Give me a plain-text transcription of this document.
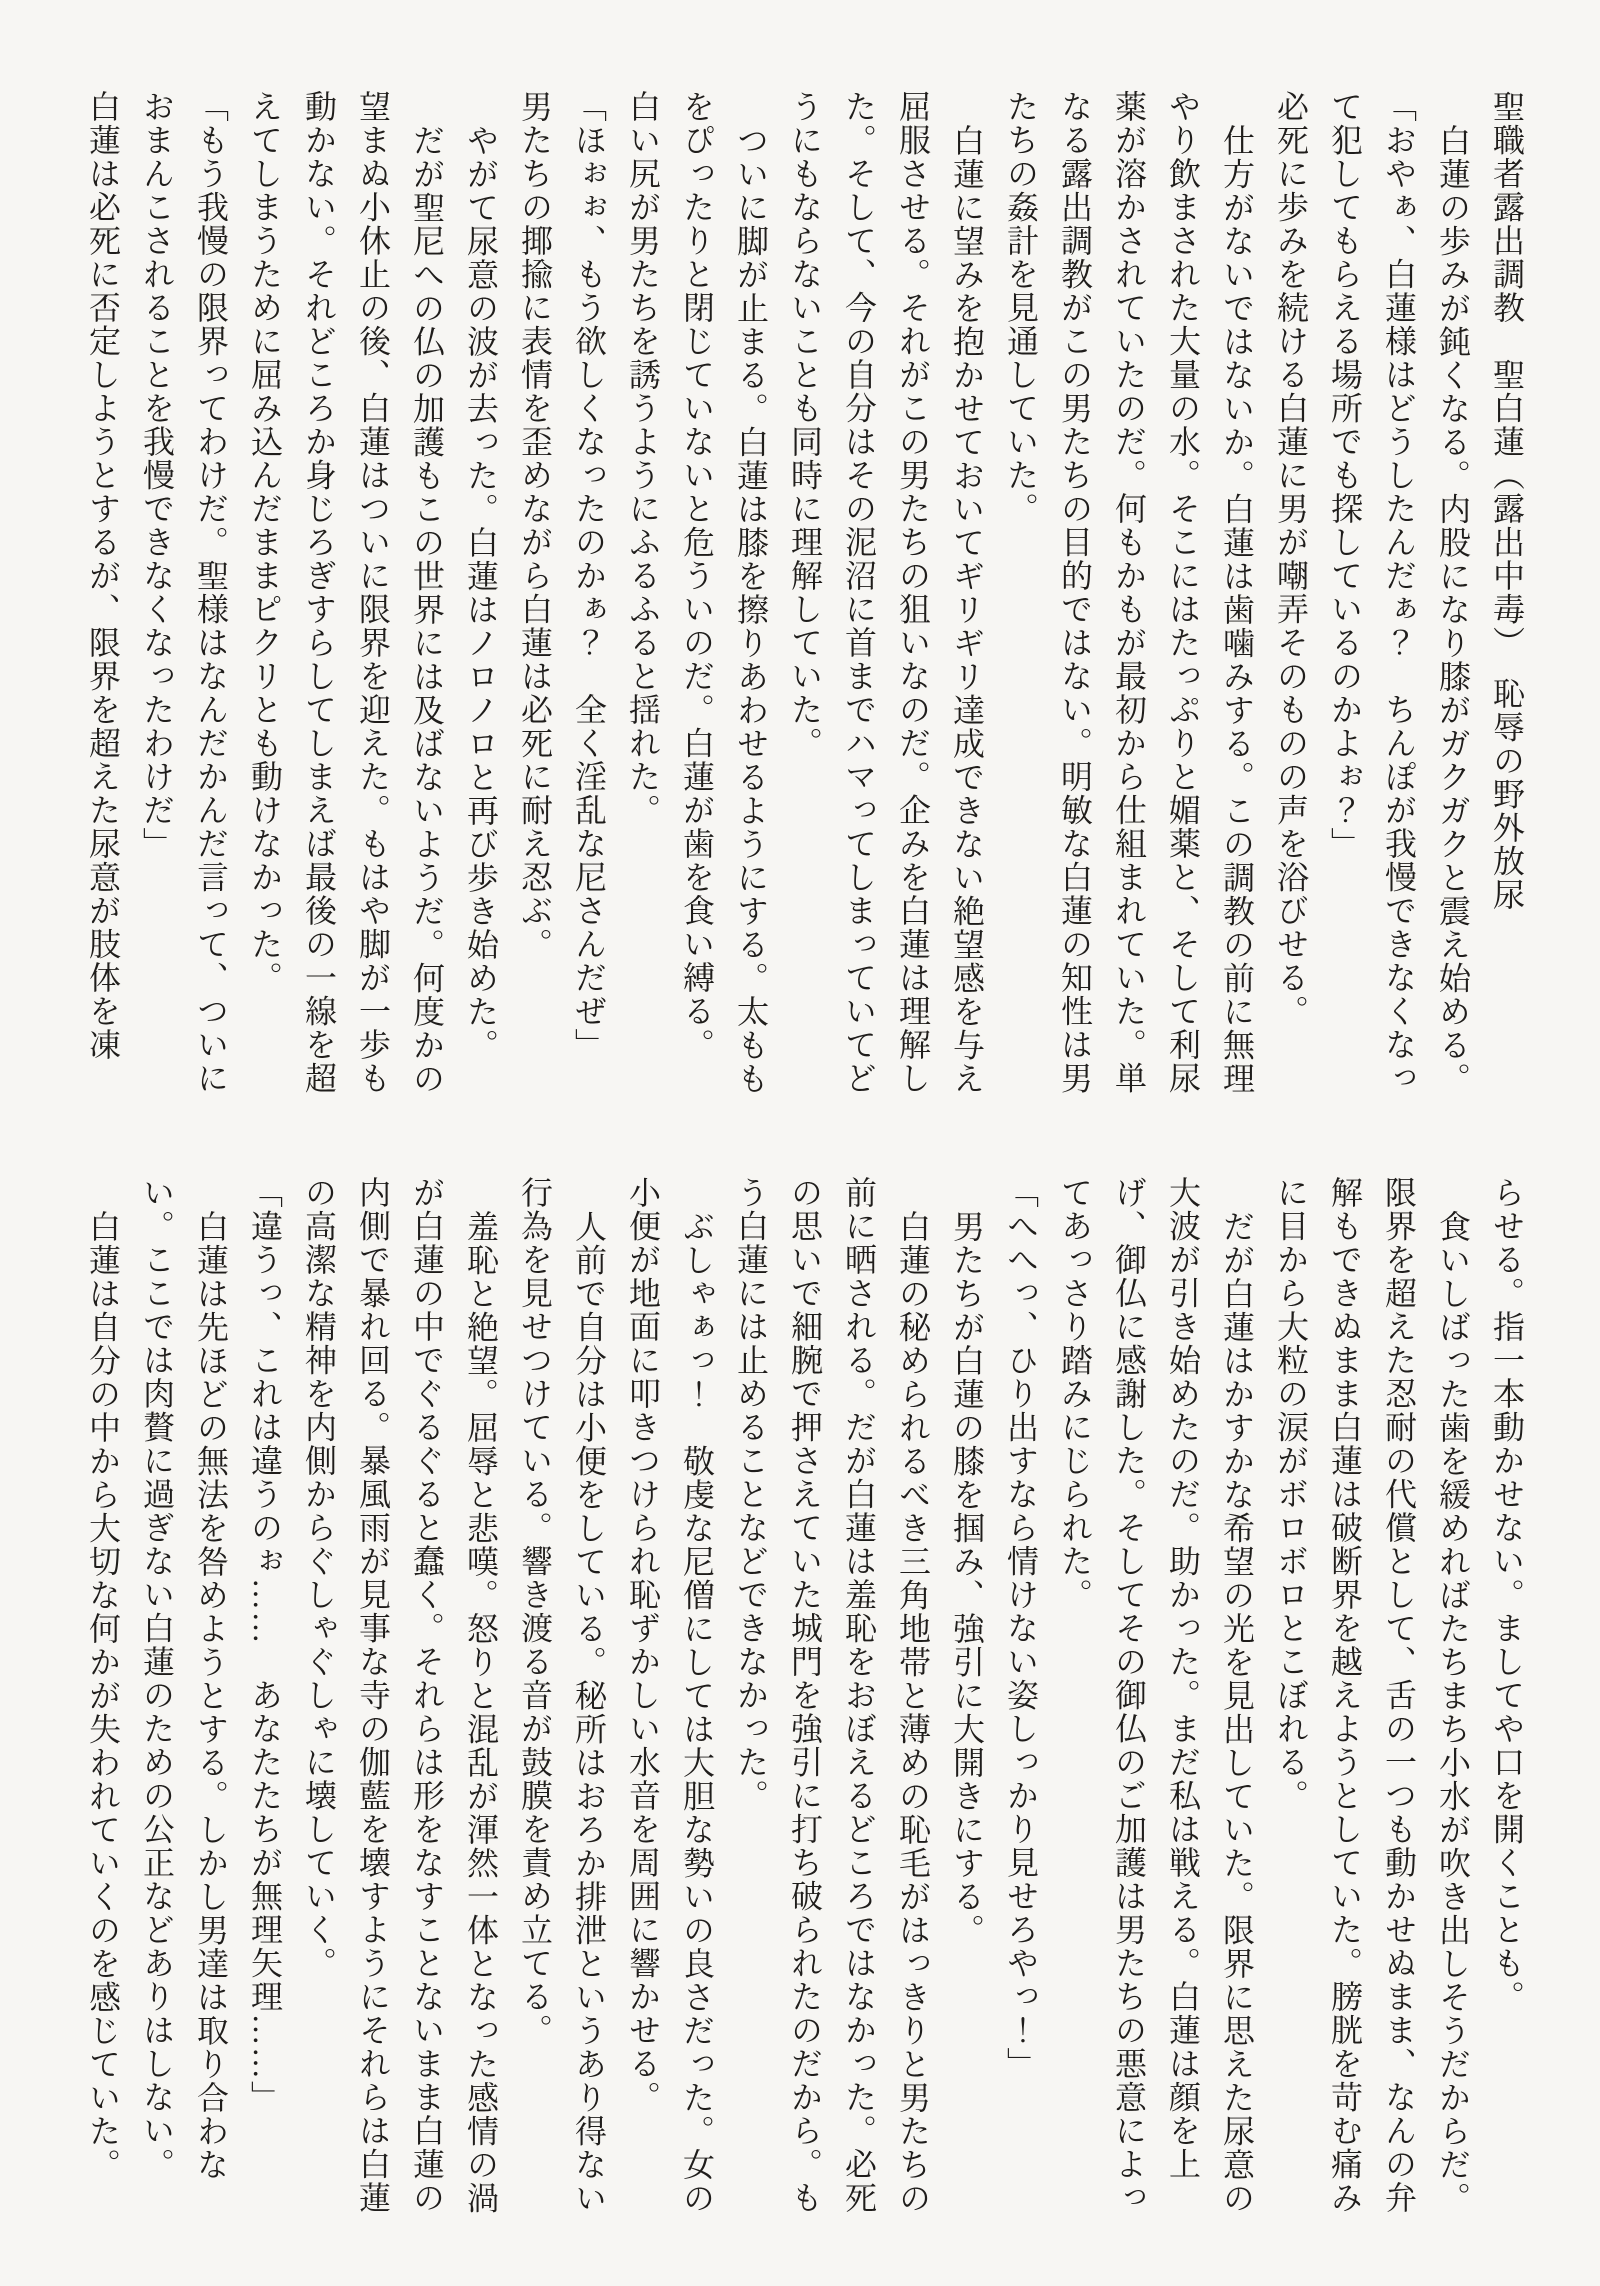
聖職者露出調教　聖白蓮（露出中毒）　恥辱の野外放尿

白蓮の歩みが鈍くなる。内股になり膝がガクガクと震え始める。

「おやぁ、白蓮様はどうしたんだぁ？　ちんぽが我慢できなくなって犯してもらえる場所でも探しているのかよぉ？」

必死に歩みを続ける白蓮に男が嘲弄そのものの声を浴びせる。

仕方がないではないか。白蓮は歯噛みする。この調教の前に無理やり飲まされた大量の水。そこにはたっぷりと媚薬と、そして利尿薬が溶かされていたのだ。何もかもが最初から仕組まれていた。単なる露出調教がこの男たちの目的ではない。明敏な白蓮の知性は男たちの姦計を見通していた。

白蓮に望みを抱かせておいてギリギリ達成できない絶望感を与え屈服させる。それがこの男たちの狙いなのだ。企みを白蓮は理解した。そして、今の自分はその泥沼に首までハマってしまっていてどうにもならないことも同時に理解していた。

ついに脚が止まる。白蓮は膝を擦りあわせるようにする。太ももをぴったりと閉じていないと危ういのだ。白蓮が歯を食い縛る。

白い尻が男たちを誘うようにふるふると揺れた。

「ほぉぉ、もう欲しくなったのかぁ？　全く淫乱な尼さんだぜ」

男たちの揶揄に表情を歪めながら白蓮は必死に耐え忍ぶ。

やがて尿意の波が去った。白蓮はノロノロと再び歩き始めた。

だが聖尼への仏の加護もこの世界には及ばないようだ。何度かの望まぬ小休止の後、白蓮はついに限界を迎えた。もはや脚が一歩も動かない。それどころか身じろぎすらしてしまえば最後の一線を超えてしまうために屈み込んだままピクリとも動けなかった。

「もう我慢の限界ってわけだ。聖様はなんだかんだ言って、ついにおまんこされることを我慢できなくなったわけだ」

白蓮は必死に否定しようとするが、限界を超えた尿意が肢体を凍

らせる。指一本動かせない。ましてや口を開くことも。

食いしばった歯を緩めればたちまち小水が吹き出しそうだからだ。限界を超えた忍耐の代償として、舌の一つも動かせぬまま、なんの弁解もできぬまま白蓮は破断界を越えようとしていた。膀胱を苛む痛みに目から大粒の涙がボロボロとこぼれる。

だが白蓮はかすかな希望の光を見出していた。限界に思えた尿意の大波が引き始めたのだ。助かった。まだ私は戦える。白蓮は顔を上げ、御仏に感謝した。そしてその御仏のご加護は男たちの悪意によってあっさり踏みにじられた。

「へへっ、ひり出すなら情けない姿しっかり見せろやっ！」

男たちが白蓮の膝を掴み、強引に大開きにする。

白蓮の秘められるべき三角地帯と薄めの恥毛がはっきりと男たちの前に晒される。だが白蓮は羞恥をおぼえるどころではなかった。必死の思いで細腕で押さえていた城門を強引に打ち破られたのだから。もう白蓮には止めることなどできなかった。

ぶしゃぁっ！　敬虔な尼僧にしては大胆な勢いの良さだった。女の小便が地面に叩きつけられ恥ずかしい水音を周囲に響かせる。

人前で自分は小便をしている。秘所はおろか排泄というあり得ない行為を見せつけている。響き渡る音が鼓膜を責め立てる。

羞恥と絶望。屈辱と悲嘆。怒りと混乱が渾然一体となった感情の渦が白蓮の中でぐるぐると蠢く。それらは形をなすことないまま白蓮の内側で暴れ回る。暴風雨が見事な寺の伽藍を壊すようにそれらは白蓮の高潔な精神を内側からぐしゃぐしゃに壊していく。

「違うっ、これは違うのぉ……　あなたたちが無理矢理……」

白蓮は先ほどの無法を咎めようとする。しかし男達は取り合わない。ここでは肉贅に過ぎない白蓮のための公正などありはしない。

白蓮は自分の中から大切な何かが失われていくのを感じていた。
